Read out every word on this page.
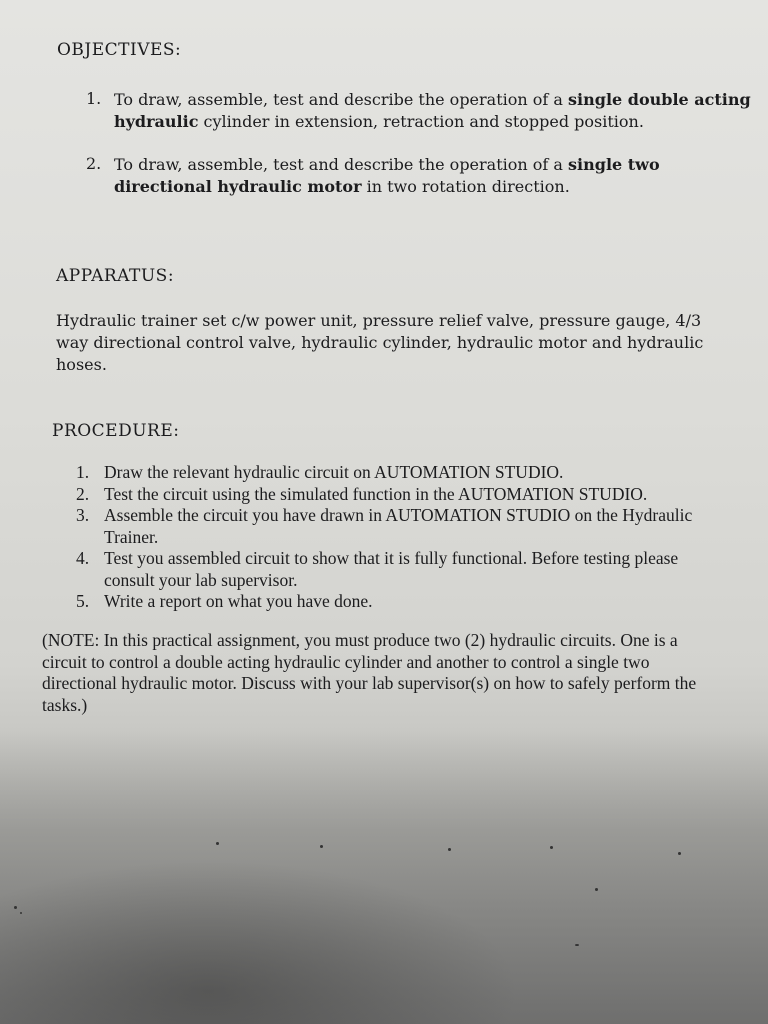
OBJECTIVES:
1. To draw, assemble, test and describe the operation of a single double acting hydraulic cylinder in extension, retraction and stopped position.

2. To draw, assemble, test and describe the operation of a single two directional hydraulic motor in two rotation direction.

APPARATUS:

Hydraulic trainer set c/w power unit, pressure relief valve, pressure gauge, 4/3 way directional control valve, hydraulic cylinder, hydraulic motor and hydraulic hoses.

PROCEDURE:
1. Draw the relevant hydraulic circuit on AUTOMATION STUDIO.
2. Test the circuit using the simulated function in the AUTOMATION STUDIO.
3. Assemble the circuit you have drawn in AUTOMATION STUDIO on the Hydraulic Trainer.
4. Test you assembled circuit to show that it is fully functional. Before testing please consult your lab supervisor.
5. Write a report on what you have done.

(NOTE: In this practical assignment, you must produce two (2) hydraulic circuits. One is a circuit to control a double acting hydraulic cylinder and another to control a single two directional hydraulic motor. Discuss with your lab supervisor(s) on how to safely perform the tasks.)
